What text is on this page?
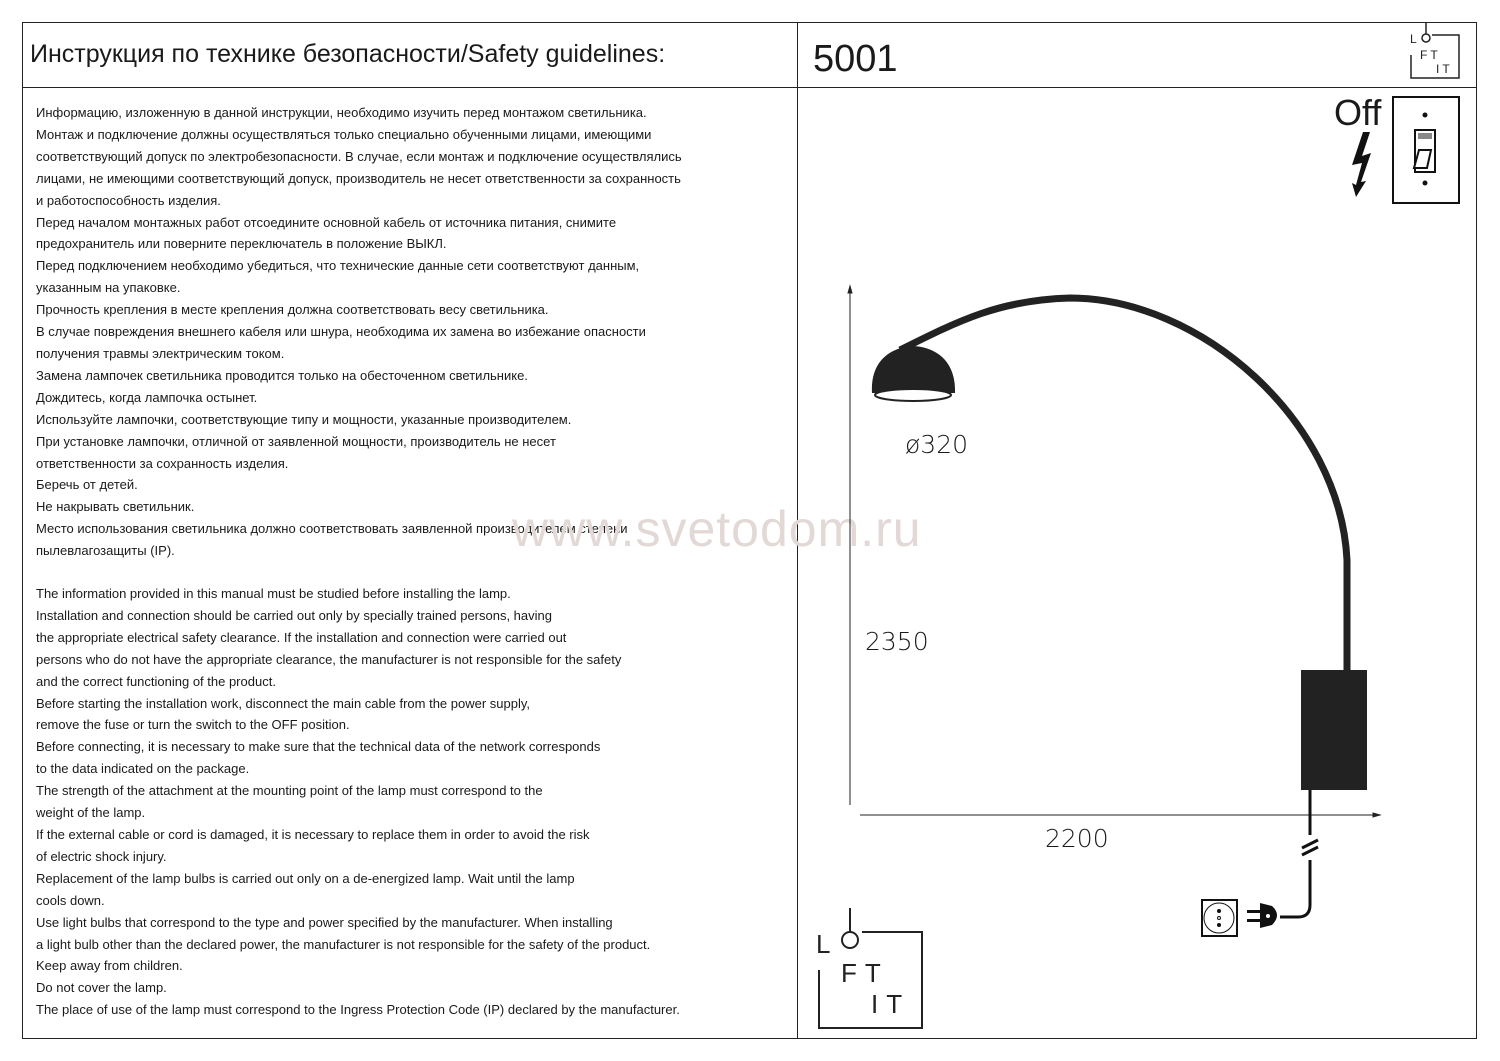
Инструкция по технике безопасности/Safety guidelines:	5001
Информацию, изложенную в данной инструкции, необходимо изучить перед монтажом светильника.
Монтаж и подключение должны осуществляться только специально обученными лицами, имеющими
соответствующий допуск по электробезопасности. В случае, если монтаж и подключение осуществлялись
лицами, не имеющими соответствующий допуск, производитель не несет ответственности за сохранность
и работоспособность изделия.
Перед началом монтажных работ отсоедините основной кабель от источника питания, снимите
предохранитель или поверните переключатель в положение ВЫКЛ.
Перед подключением необходимо убедиться, что технические данные сети соответствуют данным,
указанным на упаковке.
Прочность крепления в месте крепления должна соответствовать весу светильника.
В случае повреждения внешнего кабеля или шнура, необходима их замена во избежание опасности
получения травмы электрическим током.
Замена лампочек светильника проводится только на обесточенном светильнике.
Дождитесь, когда лампочка остынет.
Используйте лампочки, соответствующие типу и мощности, указанные производителем.
При установке лампочки, отличной от заявленной мощности, производитель не несет
ответственности за сохранность изделия.
Беречь от детей.
Не накрывать светильник.
Место использования светильника должно соответствовать заявленной производителем степени
пылевлагозащиты (IP).
The information provided in this manual must be studied before installing the lamp.
Installation and connection should be carried out only by specially trained persons, having
the appropriate electrical safety clearance. If the installation and connection were carried out
persons who do not have the appropriate clearance, the manufacturer is not responsible for the safety
and the correct functioning of the product.
Before starting the installation work, disconnect the main cable from the power supply,
remove the fuse or turn the switch to the OFF position.
Before connecting, it is necessary to make sure that the technical data of the network corresponds
to the data indicated on the package.
The strength of the attachment at the mounting point of the lamp must correspond to the
weight of the lamp.
If the external cable or cord is damaged, it is necessary to replace them in order to avoid the risk
of electric shock injury.
Replacement of the lamp bulbs is carried out only on a de-energized lamp. Wait until the lamp
cools down.
Use light bulbs that correspond to the type and power specified by the manufacturer. When installing
a light bulb other than the declared power, the manufacturer is not responsible for the safety of the product.
Keep away from children.
Do not cover the lamp.
The place of use of the lamp must correspond to the Ingress Protection Code (IP) declared by the manufacturer.
www.svetodom.ru
Off
ø320
2350
2200
L
FT
IT
L
FT
IT
